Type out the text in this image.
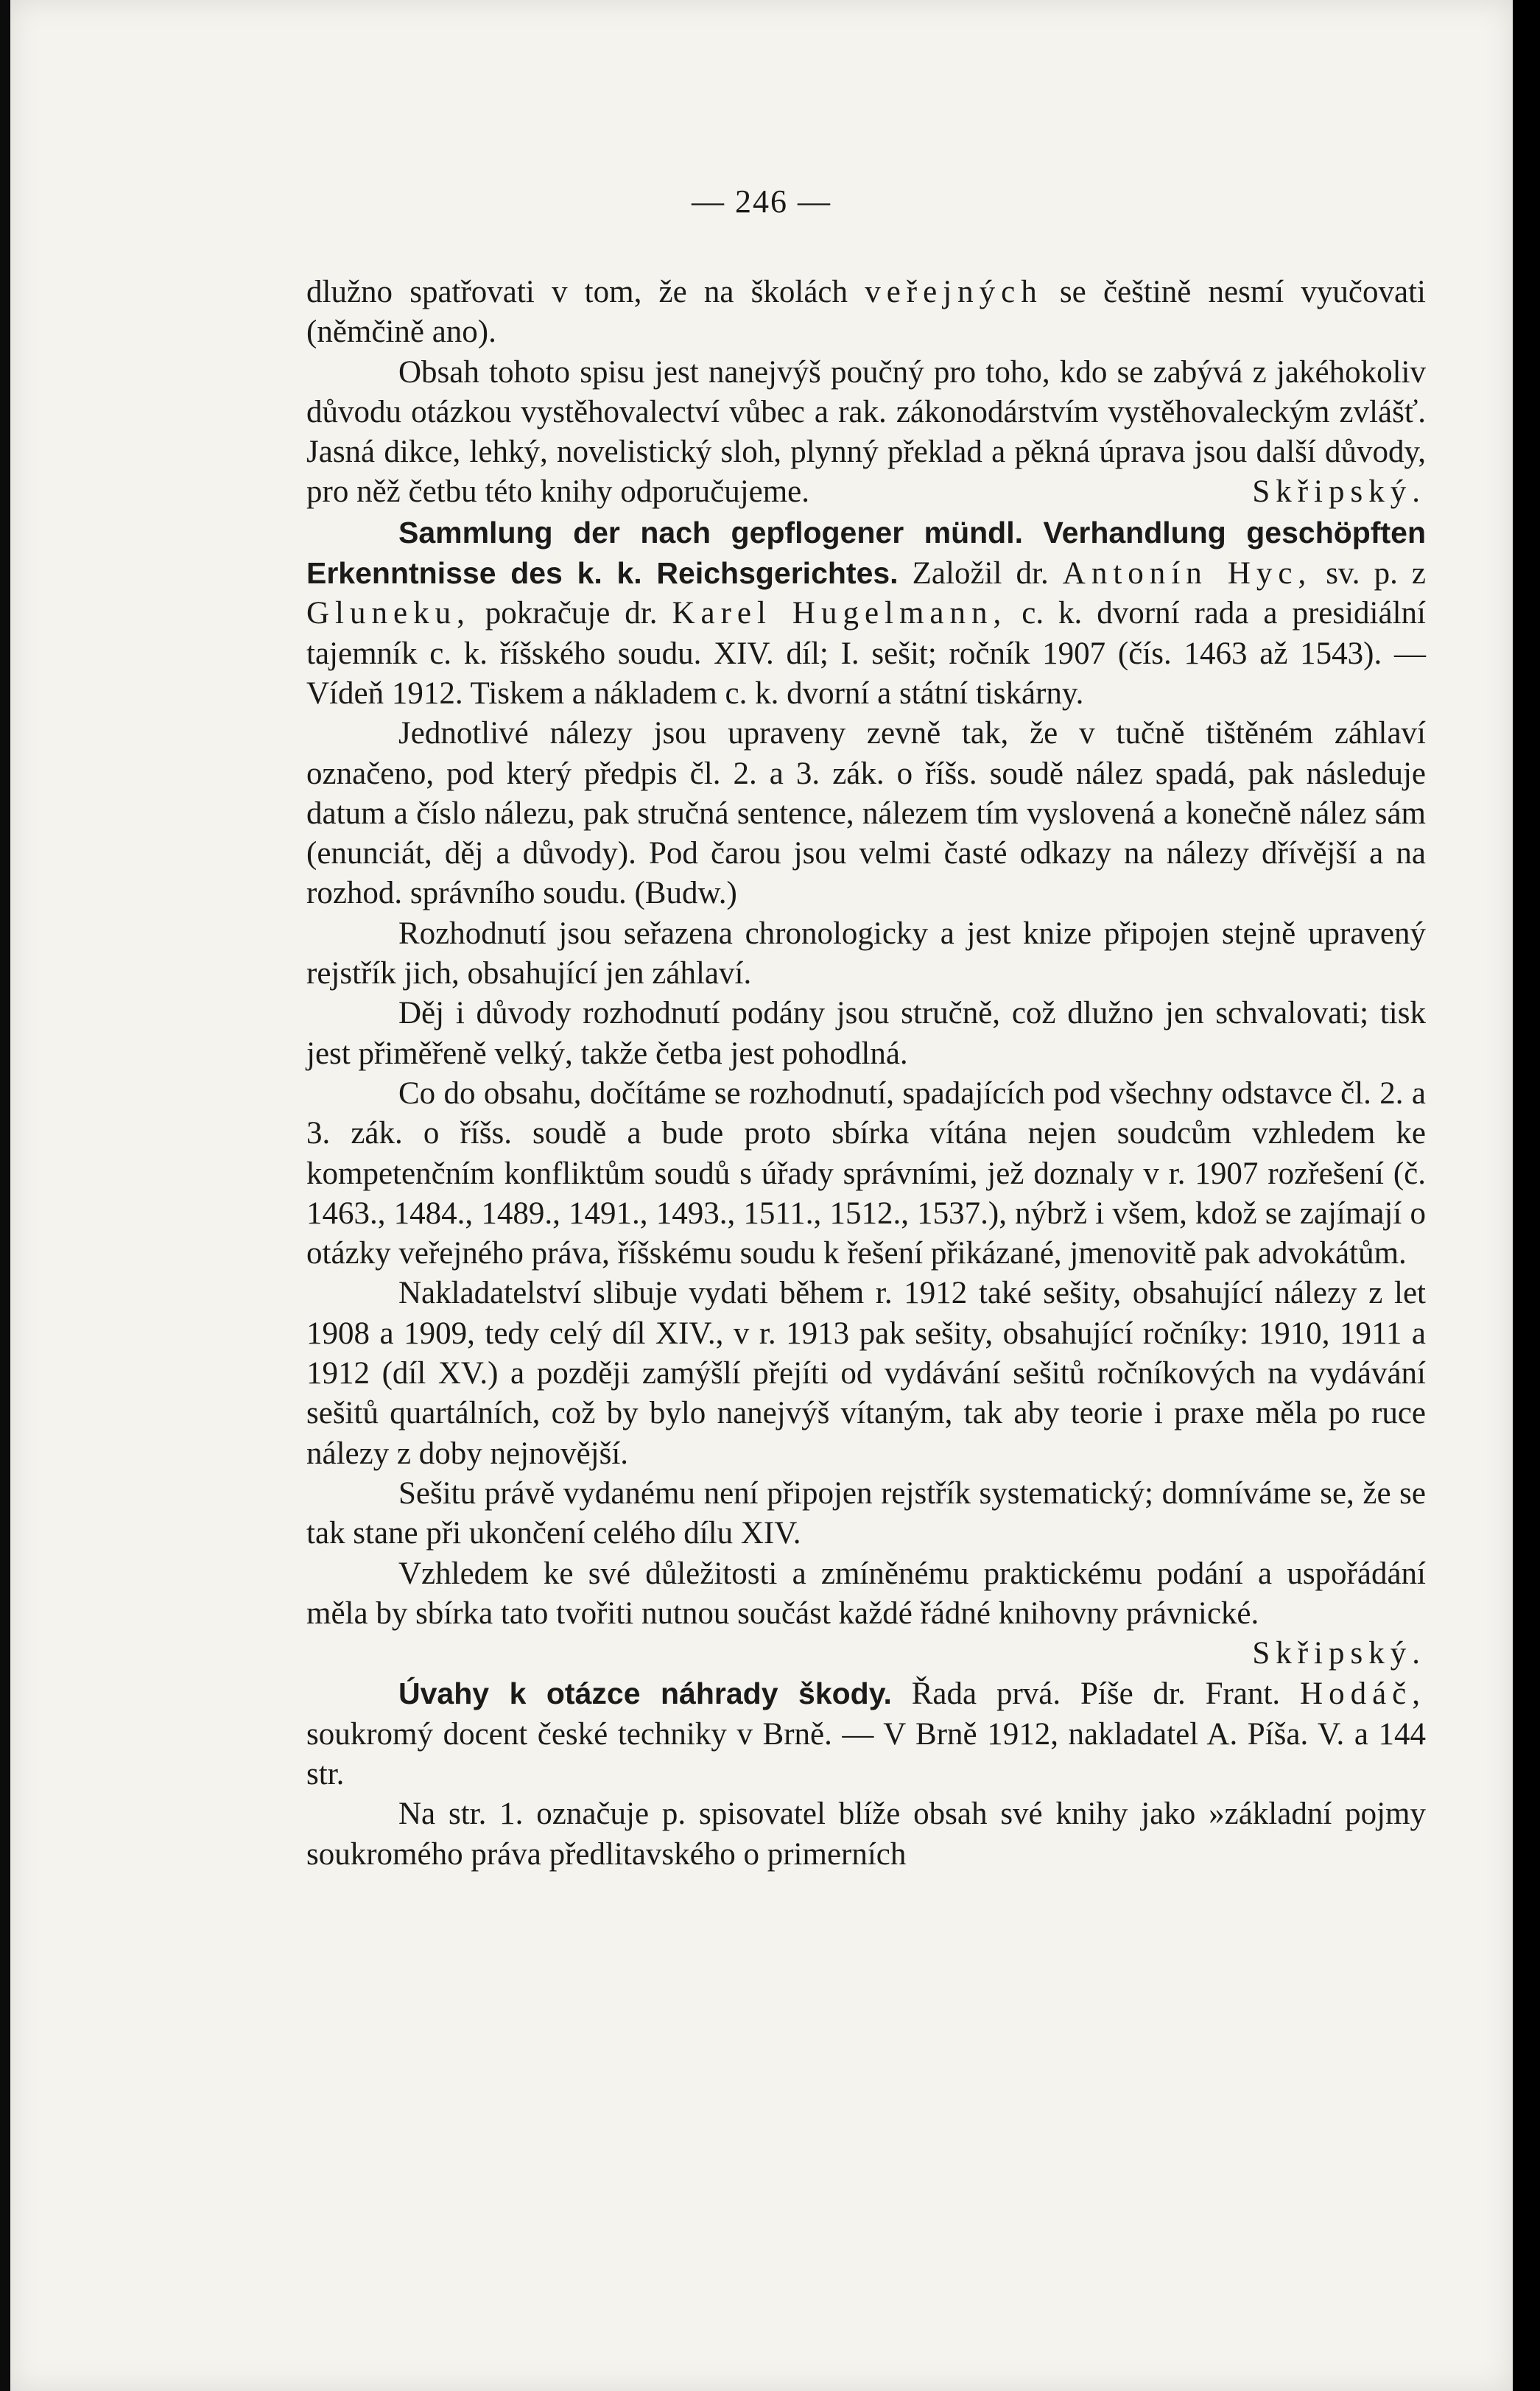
— 246 —

dlužno spatřovati v tom, že na školách veřejných se češtině nesmí vyučovati (němčině ano).

Obsah tohoto spisu jest nanejvýš poučný pro toho, kdo se zabývá z jakéhokoliv důvodu otázkou vystěhovalectví vůbec a rak. zákonodárstvím vystěhovaleckým zvlášť. Jasná dikce, lehký, novelistický sloh, plynný překlad a pěkná úprava jsou další důvody, pro něž četbu této knihy odporučujeme.	Skřipský.

Sammlung der nach gepflogener mündl. Verhandlung geschöpften Erkenntnisse des k. k. Reichsgerichtes. Založil dr. Antonín Hyc, sv. p. z Gluneku, pokračuje dr. Karel Hugelmann, c. k. dvorní rada a presidiální tajemník c. k. říšského soudu. XIV. díl; I. sešit; ročník 1907 (čís. 1463 až 1543). — Vídeň 1912. Tiskem a nákladem c. k. dvorní a státní tiskárny.

Jednotlivé nálezy jsou upraveny zevně tak, že v tučně tištěném záhlaví označeno, pod který předpis čl. 2. a 3. zák. o říšs. soudě nález spadá, pak následuje datum a číslo nálezu, pak stručná sentence, nálezem tím vyslovená a konečně nález sám (enunciát, děj a důvody). Pod čarou jsou velmi časté odkazy na nálezy dřívější a na rozhod. správního soudu. (Budw.)

Rozhodnutí jsou seřazena chronologicky a jest knize připojen stejně upravený rejstřík jich, obsahující jen záhlaví.

Děj i důvody rozhodnutí podány jsou stručně, což dlužno jen schvalovati; tisk jest přiměřeně velký, takže četba jest pohodlná.

Co do obsahu, dočítáme se rozhodnutí, spadajících pod všechny odstavce čl. 2. a 3. zák. o říšs. soudě a bude proto sbírka vítána nejen soudcům vzhledem ke kompetenčním konfliktům soudů s úřady správními, jež doznaly v r. 1907 rozřešení (č. 1463., 1484., 1489., 1491., 1493., 1511., 1512., 1537.), nýbrž i všem, kdož se zajímají o otázky veřejného práva, říšskému soudu k řešení přikázané, jmenovitě pak advokátům.

Nakladatelství slibuje vydati během r. 1912 také sešity, obsahující nálezy z let 1908 a 1909, tedy celý díl XIV., v r. 1913 pak sešity, obsahující ročníky: 1910, 1911 a 1912 (díl XV.) a později zamýšlí přejíti od vydávání sešitů ročníkových na vydávání sešitů quartálních, což by bylo nanejvýš vítaným, tak aby teorie i praxe měla po ruce nálezy z doby nejnovější.

Sešitu právě vydanému není připojen rejstřík systematický; domníváme se, že se tak stane při ukončení celého dílu XIV.

Vzhledem ke své důležitosti a zmíněnému praktickému podání a uspořádání měla by sbírka tato tvořiti nutnou součást každé řádné knihovny právnické.
Skřipský.

Úvahy k otázce náhrady škody. Řada prvá. Píše dr. Frant. Hodáč, soukromý docent české techniky v Brně. — V Brně 1912, nakladatel A. Píša. V. a 144 str.

Na str. 1. označuje p. spisovatel blíže obsah své knihy jako »základní pojmy soukromého práva předlitavského o primerních
